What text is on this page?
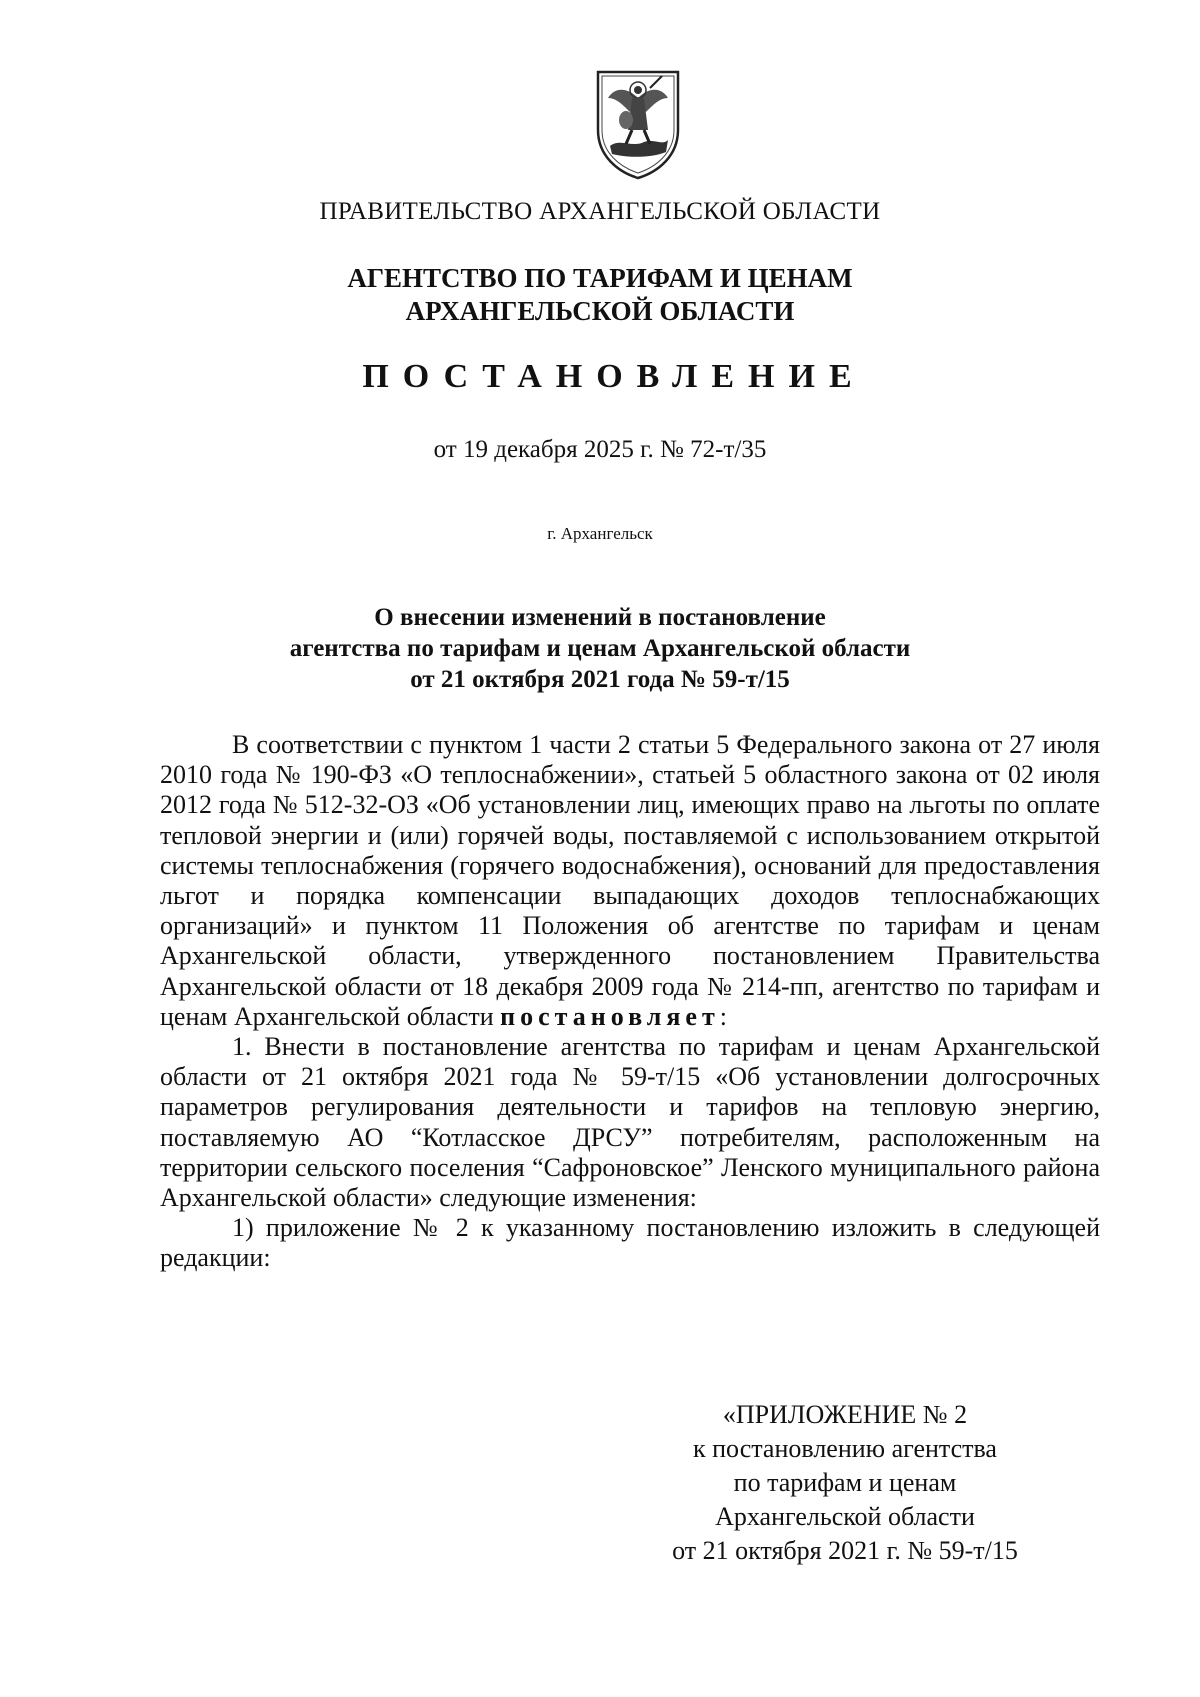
ПРАВИТЕЛЬСТВО АРХАНГЕЛЬСКОЙ ОБЛАСТИ
АГЕНТСТВО ПО ТАРИФАМ И ЦЕНАМ
АРХАНГЕЛЬСКОЙ ОБЛАСТИ
ПОСТАНОВЛЕНИЕ
от 19 декабря 2025 г. № 72-т/35
г. Архангельск
О внесении изменений в постановление
агентства по тарифам и ценам Архангельской области
от 21 октября 2021 года № 59-т/15

В соответствии с пунктом 1 части 2 статьи 5 Федерального закона от 27 июля 2010 года № 190-ФЗ «О теплоснабжении», статьей 5 областного закона от 02 июля 2012 года № 512-32-ОЗ «Об установлении лиц, имеющих право на льготы по оплате тепловой энергии и (или) горячей воды, поставляемой с использованием открытой системы теплоснабжения (горячего водоснабжения), оснований для предоставления льгот и порядка компенсации выпадающих доходов теплоснабжающих организаций» и пунктом 11 Положения об агентстве по тарифам и ценам Архангельской области, утвержденного постановлением Правительства Архангельской области от 18 декабря 2009 года № 214-пп, агентство по тарифам и ценам Архангельской области постановляет:

1. Внести в постановление агентства по тарифам и ценам Архангельской области от 21 октября 2021 года № 59-т/15 «Об установлении долгосрочных параметров регулирования деятельности и тарифов на тепловую энергию, поставляемую АО “Котласское ДРСУ” потребителям, расположенным на территории сельского поселения “Сафроновское” Ленского муниципального района Архангельской области» следующие изменения:

1) приложение № 2 к указанному постановлению изложить в следующей редакции:

«ПРИЛОЖЕНИЕ № 2
к постановлению агентства
по тарифам и ценам
Архангельской области
от 21 октября 2021 г. № 59-т/15
